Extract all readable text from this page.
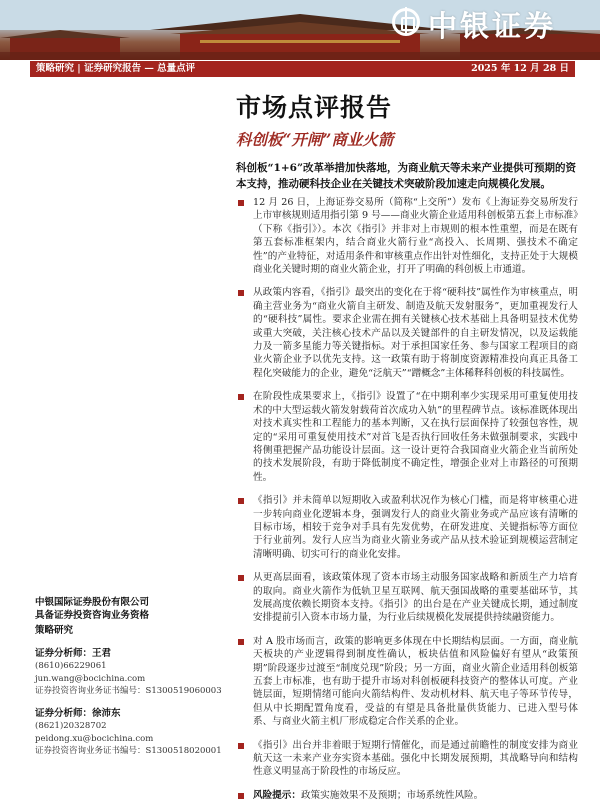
中银证券
策略研究 | 证券研究报告 — 总量点评	2025 年 12 月 28 日
市场点评报告
科创板“开闸”商业火箭
科创板“1+6”改革举措加快落地，为商业航天等未来产业提供可预期的资本支持，推动硬科技企业在关键技术突破阶段加速走向规模化发展。

12 月 26 日，上海证券交易所（简称“上交所”）发布《上海证券交易所发行上市审核规则适用指引第 9 号——商业火箭企业适用科创板第五套上市标准》（下称《指引》）。本次《指引》并非对上市规则的根本性重塑，而是在既有第五套标准框架内，结合商业火箭行业“高投入、长周期、强技术不确定性”的产业特征，对适用条件和审核重点作出针对性细化，支持正处于大规模商业化关键时期的商业火箭企业，打开了明确的科创板上市通道。

从政策内容看，《指引》最突出的变化在于将“硬科技”属性作为审核重点，明确主营业务为“商业火箭自主研发、制造及航天发射服务”，更加重视发行人的“硬科技”属性。要求企业需在拥有关键核心技术基础上具备明显技术优势或重大突破，关注核心技术产品以及关键部件的自主研发情况，以及运载能力及一箭多星能力等关键指标。对于承担国家任务、参与国家工程项目的商业火箭企业予以优先支持。这一政策有助于将制度资源精准投向真正具备工程化突破能力的企业，避免“泛航天”“蹭概念”主体稀释科创板的科技属性。

在阶段性成果要求上，《指引》设置了“在中期利率少实现采用可重复使用技术的中大型运载火箭发射载荷首次成功入轨”的里程碑节点。该标准既体现出对技术真实性和工程能力的基本判断，又在执行层面保持了较强包容性，规定的“采用可重复使用技术”对首飞是否执行回收任务未做强制要求，实践中将侧重把握产品功能设计层面。这一设计更符合我国商业火箭企业当前所处的技术发展阶段，有助于降低制度不确定性，增强企业对上市路径的可预期性。

《指引》并未简单以短期收入或盈利状况作为核心门槛，而是将审核重心进一步转向商业化逻辑本身，强调发行人的商业火箭业务或产品应该有清晰的目标市场，相较于竞争对手具有先发优势，在研发进度、关键指标等方面位于行业前列。发行人应当为商业火箭业务或产品从技术验证到规模运营制定清晰明确、切实可行的商业化安排。

从更高层面看，该政策体现了资本市场主动服务国家战略和新质生产力培育的取向。商业火箭作为低轨卫星互联网、航天强国战略的重要基础环节，其发展高度依赖长期资本支持。《指引》的出台是在产业关键成长期，通过制度安排提前引入资本市场力量，为行业后续规模化发展提供持续融资能力。

对 A 股市场而言，政策的影响更多体现在中长期结构层面。一方面，商业航天板块的产业逻辑得到制度性确认，板块估值和风险偏好有望从“政策预期”阶段逐步过渡至“制度兑现”阶段；另一方面，商业火箭企业适用科创板第五套上市标准，也有助于提升市场对科创板硬科技资产的整体认可度。产业链层面，短期情绪可能向火箭结构件、发动机材料、航天电子等环节传导，但从中长期配置角度看，受益的有望是具备批量供货能力、已进入型号体系、与商业火箭主机厂形成稳定合作关系的企业。

《指引》出台并非着眼于短期行情催化，而是通过前瞻性的制度安排为商业航天这一未来产业夯实资本基础。强化中长期发展预期，其战略导向和结构性意义明显高于阶段性的市场反应。

风险提示：政策实施效果不及预期；市场系统性风险。

中银国际证券股份有限公司
具备证券投资咨询业务资格
策略研究
证券分析师：王君
(8610)66229061
jun.wang@bocichina.com
证券投资咨询业务证书编号：S1300519060003
证券分析师：徐沛东
(8621)20328702
peidong.xu@bocichina.com
证券投资咨询业务证书编号：S1300518020001
